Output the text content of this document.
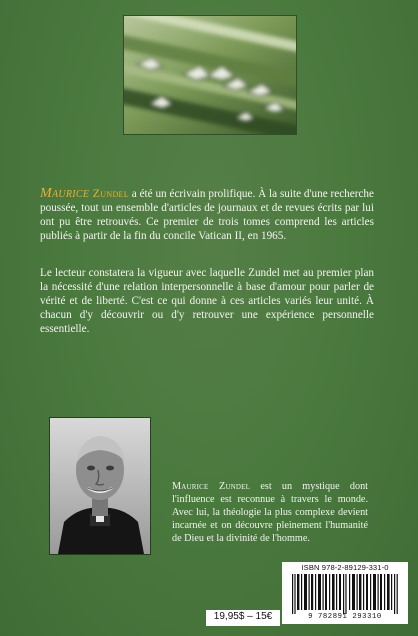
Maurice Zundel a été un écrivain prolifique. À la suite d'une recherche poussée, tout un ensemble d'articles de journaux et de revues écrits par lui ont pu être retrouvés. Ce premier de trois tomes comprend les articles publiés à partir de la fin du concile Vatican II, en 1965.

Le lecteur constatera la vigueur avec laquelle Zundel met au premier plan la nécessité d'une relation interpersonnelle à base d'amour pour parler de vérité et de liberté. C'est ce qui donne à ces articles variés leur unité. À chacun d'y découvrir ou d'y retrouver une expérience personnelle essentielle.

Maurice Zundel est un mystique dont l'influence est reconnue à travers le monde. Avec lui, la théologie la plus complexe devient incarnée et on découvre pleinement l'humanité de Dieu et la divinité de l'homme.

19,95$ – 15€
ISBN 978-2-89129-331-0
9 782891 293310
